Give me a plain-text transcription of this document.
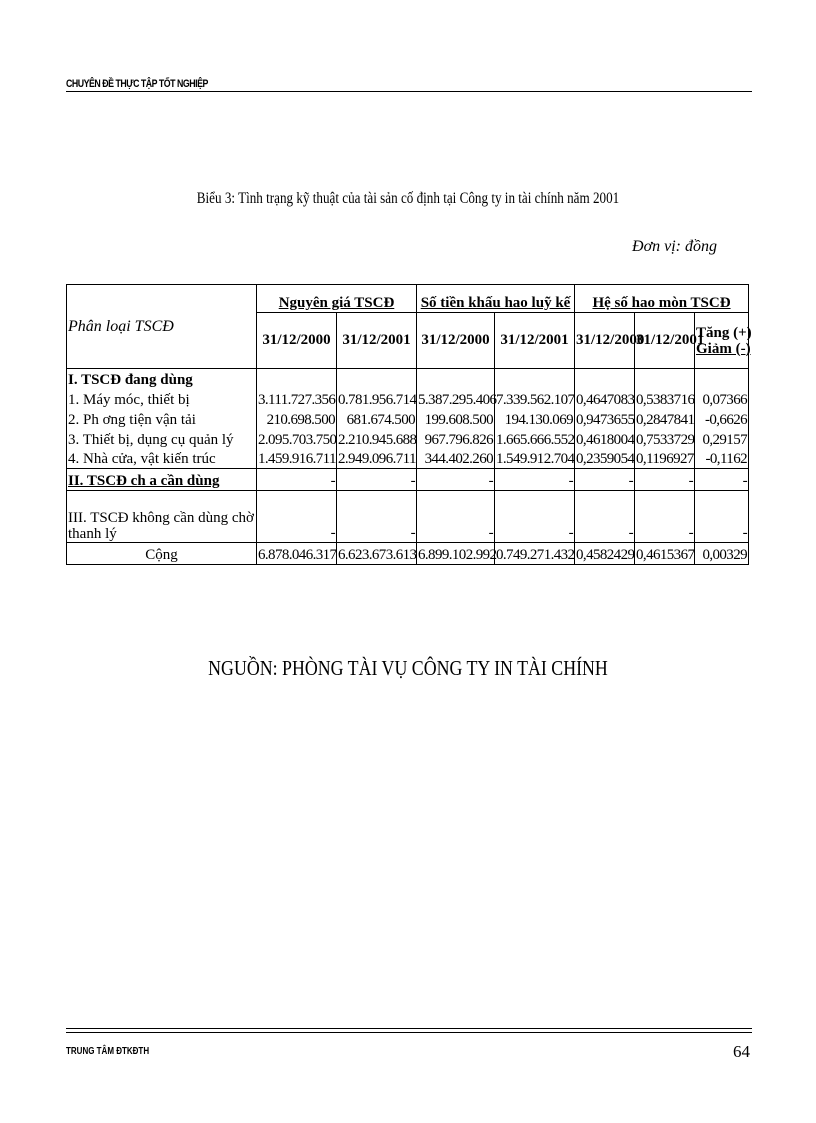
CHUYÊN ĐỀ THỰC TẬP TỐT NGHIỆP
Biểu 3: Tình trạng kỹ thuật của tài sản cố định tại Công ty in tài chính năm 2001
Đơn vị: đồng
Phân loại TSCĐ	Nguyên giá TSCĐ		Số tiền khấu hao luỹ kế		Hệ số hao mòn TSCĐ		
	31/12/2000	31/12/2001	31/12/2000	31/12/2001	31/12/2000	31/12/2001	Tăng (+)
Giảm (-)

I. TSCĐ đang dùng							
1. Máy móc, thiết bị	3.111.727.356	0.781.956.714	5.387.295.406	7.339.562.107	0,4647083	0,5383716	0,07366
2. Ph ơng tiện vận tải	210.698.500	681.674.500	199.608.500	194.130.069	0,9473655	0,2847841	-0,6626
3. Thiết bị, dụng cụ quản lý	2.095.703.750	2.210.945.688	967.796.826	1.665.666.552	0,4618004	0,7533729	0,29157
4. Nhà cửa, vật kiến trúc	1.459.916.711	2.949.096.711	344.402.260	1.549.912.704	0,2359054	0,1196927	-0,1162
II. TSCĐ ch a cần dùng	-	-	-	-	-	-	-

III. TSCĐ không cần dùng chờ
thanh lý	-	-	-	-	-	-	-
Cộng	6.878.046.317	6.623.673.613	6.899.102.992	0.749.271.432	0,4582429	0,4615367	0,00329
NGUỒN: PHÒNG TÀI VỤ CÔNG TY IN TÀI CHÍNH
TRUNG TÂM ĐTKĐTH	64
